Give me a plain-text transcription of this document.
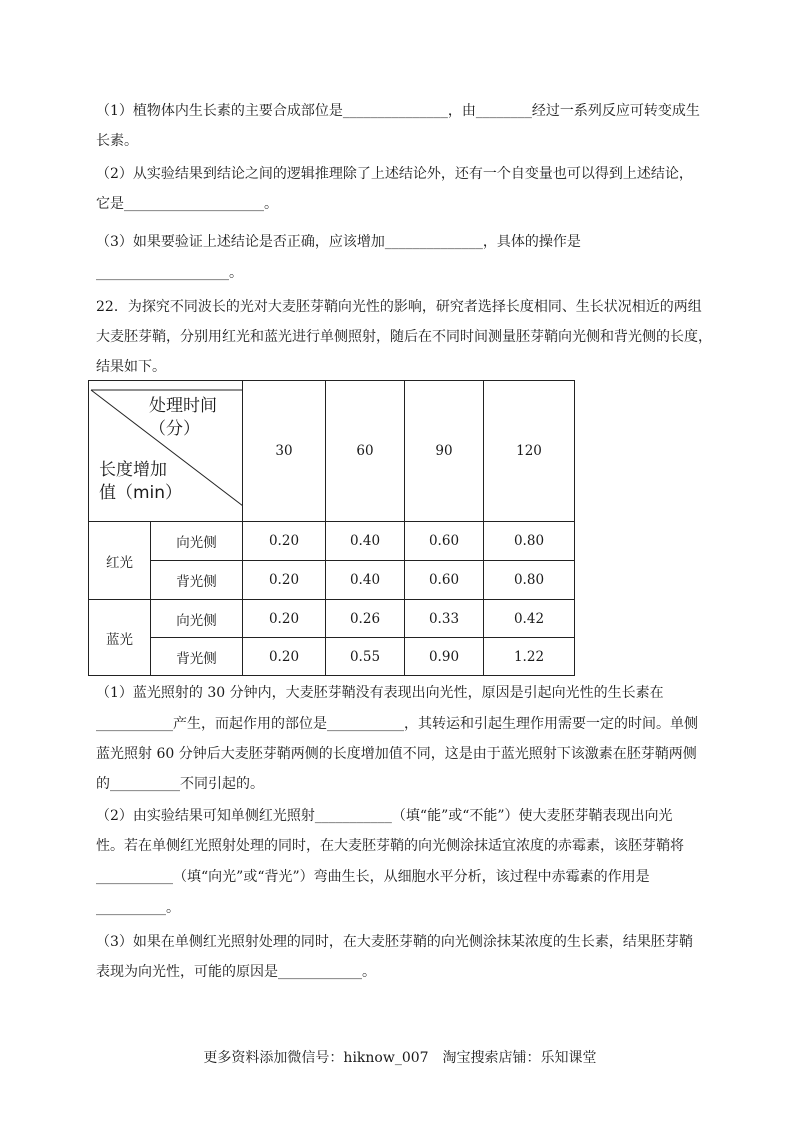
（1）植物体内生长素的主要合成部位是_______________，由________经过一系列反应可转变成生
长素。
（2）从实验结果到结论之间的逻辑推理除了上述结论外，还有一个自变量也可以得到上述结论，
它是____________________。
（3）如果要验证上述结论是否正确，应该增加______________，具体的操作是
___________________。
22．为探究不同波长的光对大麦胚芽鞘向光性的影响，研究者选择长度相同、生长状况相近的两组
大麦胚芽鞘，分别用红光和蓝光进行单侧照射，随后在不同时间测量胚芽鞘向光侧和背光侧的长度，
结果如下。
处理时间
（分）
长度增加
值（min）		30	60	90	120
红光	向光侧	0.20	0.40	0.60	0.80
	背光侧	0.20	0.40	0.60	0.80
蓝光	向光侧	0.20	0.26	0.33	0.42
	背光侧	0.20	0.55	0.90	1.22
（1）蓝光照射的 30 分钟内，大麦胚芽鞘没有表现出向光性，原因是引起向光性的生长素在
___________产生，而起作用的部位是___________，其转运和引起生理作用需要一定的时间。单侧
蓝光照射 60 分钟后大麦胚芽鞘两侧的长度增加值不同，这是由于蓝光照射下该激素在胚芽鞘两侧
的__________不同引起的。
（2）由实验结果可知单侧红光照射___________（填“能”或“不能”）使大麦胚芽鞘表现出向光
性。若在单侧红光照射处理的同时，在大麦胚芽鞘的向光侧涂抹适宜浓度的赤霉素，该胚芽鞘将
___________（填“向光”或“背光”）弯曲生长，从细胞水平分析，该过程中赤霉素的作用是
__________。
（3）如果在单侧红光照射处理的同时，在大麦胚芽鞘的向光侧涂抹某浓度的生长素，结果胚芽鞘
表现为向光性，可能的原因是____________。
更多资料添加微信号：hiknow_007　淘宝搜索店铺：乐知课堂
